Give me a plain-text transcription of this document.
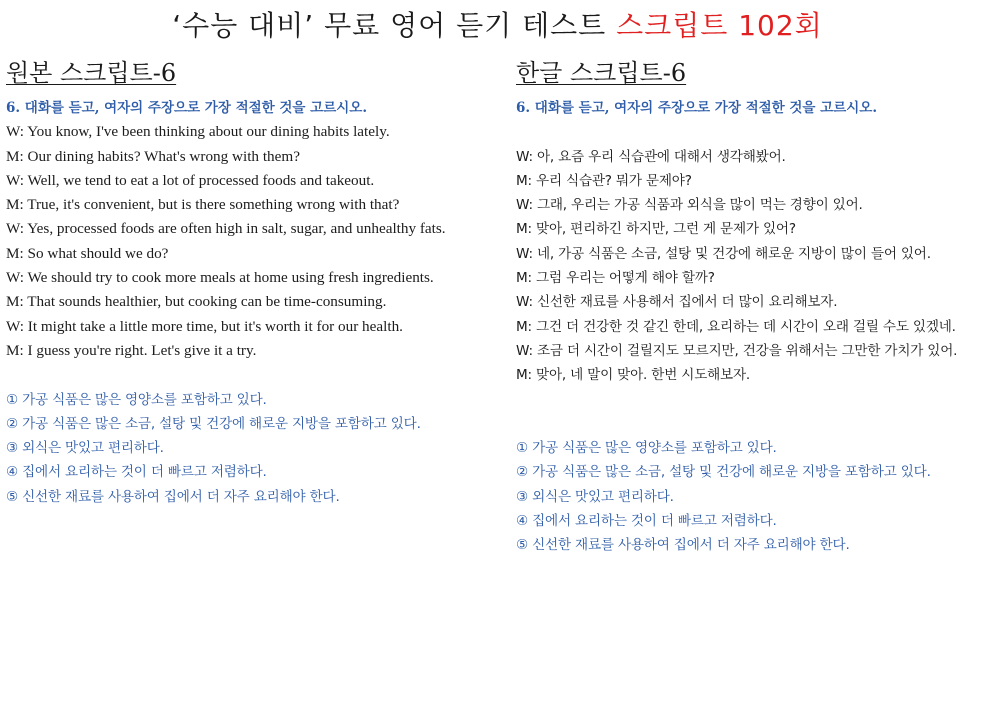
‘수능 대비’ 무료 영어 듣기 테스트 스크립트 102회
원본 스크립트-6
6. 대화를 듣고, 여자의 주장으로 가장 적절한 것을 고르시오.
W: You know, I've been thinking about our dining habits lately.
M: Our dining habits? What's wrong with them?
W: Well, we tend to eat a lot of processed foods and takeout.
M: True, it's convenient, but is there something wrong with that?
W: Yes, processed foods are often high in salt, sugar, and unhealthy fats.
M: So what should we do?
W: We should try to cook more meals at home using fresh ingredients.
M: That sounds healthier, but cooking can be time-consuming.
W: It might take a little more time, but it's worth it for our health.
M: I guess you're right. Let's give it a try.
① 가공 식품은 많은 영양소를 포함하고 있다.
② 가공 식품은 많은 소금, 설탕 및 건강에 해로운 지방을 포함하고 있다.
③ 외식은 맛있고 편리하다.
④ 집에서 요리하는 것이 더 빠르고 저렴하다.
⑤ 신선한 재료를 사용하여 집에서 더 자주 요리해야 한다.
한글 스크립트-6
6. 대화를 듣고, 여자의 주장으로 가장 적절한 것을 고르시오.
W: 아, 요즘 우리 식습관에 대해서 생각해봤어.
M: 우리 식습관? 뭐가 문제야?
W: 그래, 우리는 가공 식품과 외식을 많이 먹는 경향이 있어.
M: 맞아, 편리하긴 하지만, 그런 게 문제가 있어?
W: 네, 가공 식품은 소금, 설탕 및 건강에 해로운 지방이 많이 들어 있어.
M: 그럼 우리는 어떻게 해야 할까?
W: 신선한 재료를 사용해서 집에서 더 많이 요리해보자.
M: 그건 더 건강한 것 같긴 한데, 요리하는 데 시간이 오래 걸릴 수도 있겠네.
W: 조금 더 시간이 걸릴지도 모르지만, 건강을 위해서는 그만한 가치가 있어.
M: 맞아, 네 말이 맞아. 한번 시도해보자.
① 가공 식품은 많은 영양소를 포함하고 있다.
② 가공 식품은 많은 소금, 설탕 및 건강에 해로운 지방을 포함하고 있다.
③ 외식은 맛있고 편리하다.
④ 집에서 요리하는 것이 더 빠르고 저렴하다.
⑤ 신선한 재료를 사용하여 집에서 더 자주 요리해야 한다.
